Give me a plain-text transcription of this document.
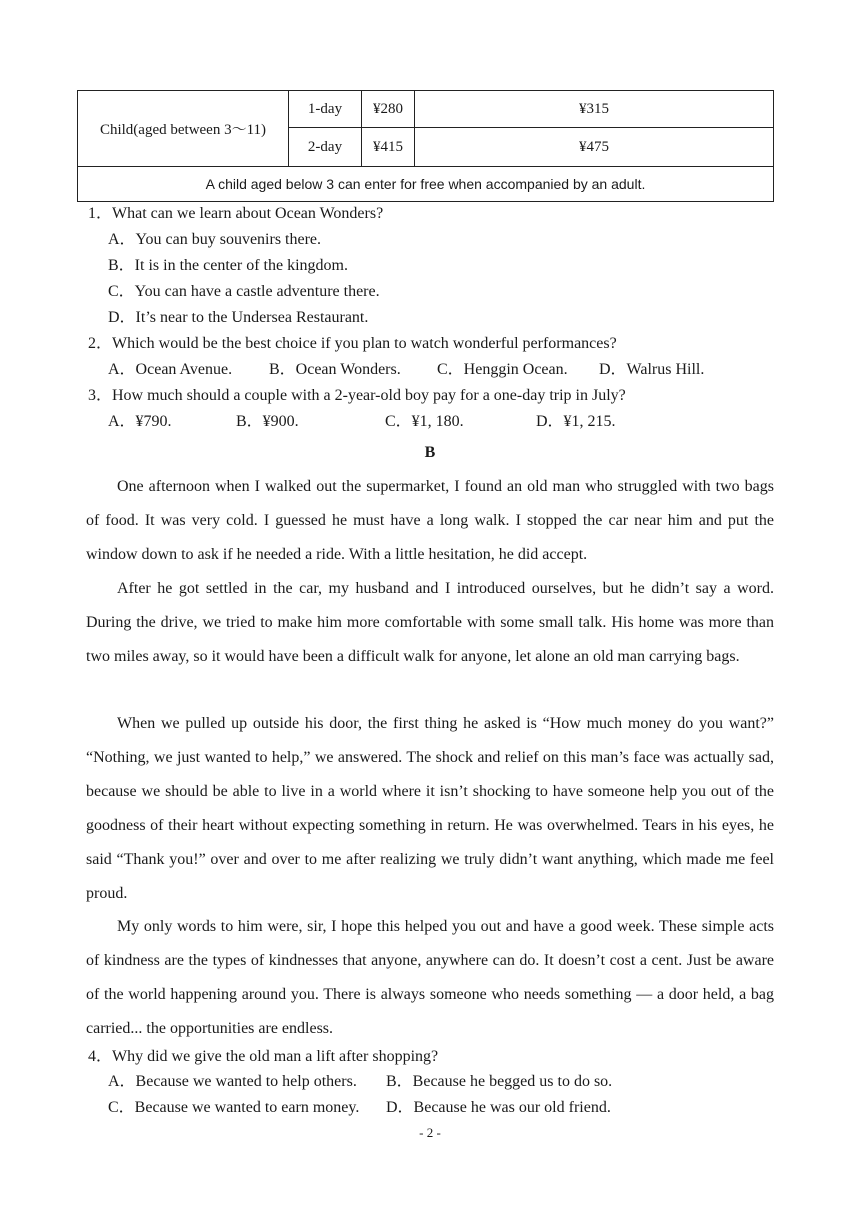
Child(aged between 3～11)	1-day	¥280	¥315
	2-day	¥415	¥475
A child aged below 3 can enter for free when accompanied by an adult.			
1．What can we learn about Ocean Wonders?
A．You can buy souvenirs there.
B．It is in the center of the kingdom.
C．You can have a castle adventure there.
D．It’s near to the Undersea Restaurant.
2．Which would be the best choice if you plan to watch wonderful performances?
A．Ocean Avenue. B．Ocean Wonders. C．Henggin Ocean. D．Walrus Hill.
3．How much should a couple with a 2-year-old boy pay for a one-day trip in July?
A．¥790.	B．¥900.	C．¥1, 180.	D．¥1, 215.
B

One afternoon when I walked out the supermarket, I found an old man who struggled with two bags of food. It was very cold. I guessed he must have a long walk. I stopped the car near him and put the window down to ask if he needed a ride. With a little hesitation, he did accept.

After he got settled in the car, my husband and I introduced ourselves, but he didn’t say a word. During the drive, we tried to make him more comfortable with some small talk. His home was more than two miles away, so it would have been a difficult walk for anyone, let alone an old man carrying bags.

When we pulled up outside his door, the first thing he asked is “How much money do you want?” “Nothing, we just wanted to help,” we answered. The shock and relief on this man’s face was actually sad, because we should be able to live in a world where it isn’t shocking to have someone help you out of the goodness of their heart without expecting something in return. He was overwhelmed. Tears in his eyes, he said “Thank you!” over and over to me after realizing we truly didn’t want anything, which made me feel proud.

My only words to him were, sir, I hope this helped you out and have a good week. These simple acts of kindness are the types of kindnesses that anyone, anywhere can do. It doesn’t cost a cent. Just be aware of the world happening around you. There is always someone who needs something — a door held, a bag carried... the opportunities are endless.

4．Why did we give the old man a lift after shopping?
A．Because we wanted to help others. B．Because he begged us to do so.
C．Because we wanted to earn money. D．Because he was our old friend.
- 2 -
